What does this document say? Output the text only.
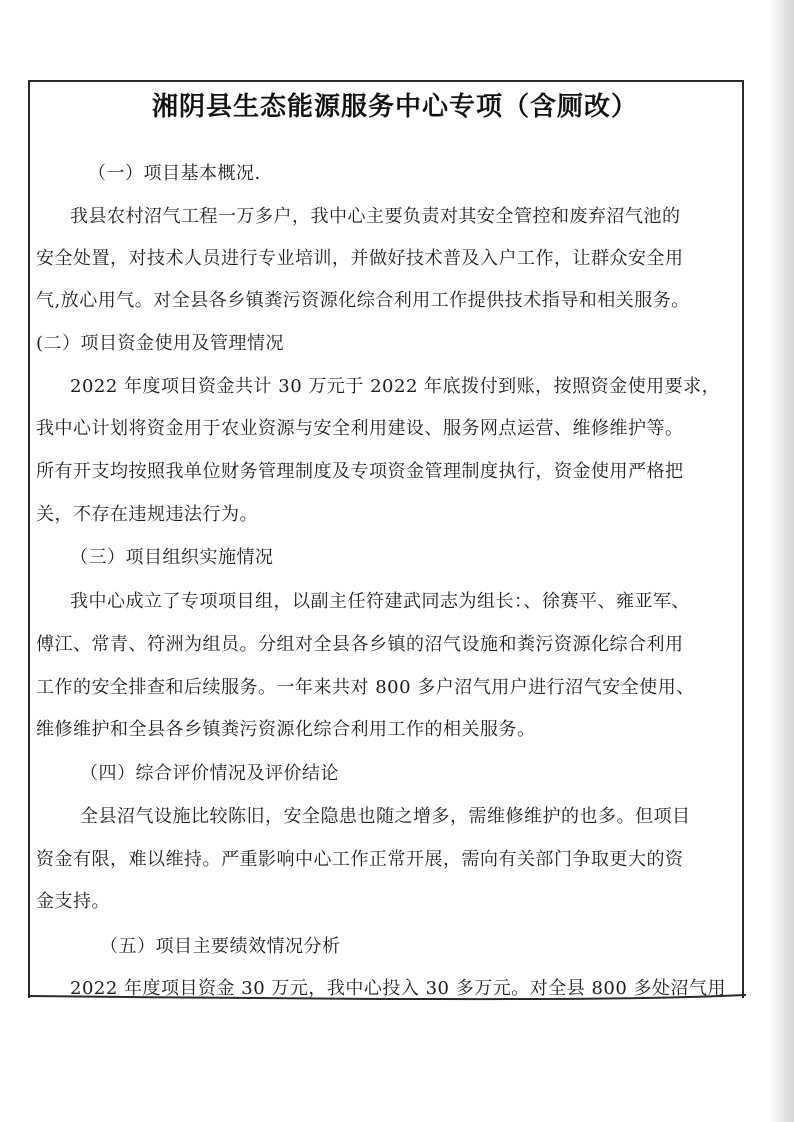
湘阴县生态能源服务中心专项（含厕改）
（一）项目基本概况.
我县农村沼气工程一万多户，我中心主要负责对其安全管控和废弃沼气池的
安全处置，对技术人员进行专业培训，并做好技术普及入户工作，让群众安全用
气,放心用气。对全县各乡镇粪污资源化综合利用工作提供技术指导和相关服务。
(二）项目资金使用及管理情况
2022 年度项目资金共计 30 万元于 2022 年底拨付到账，按照资金使用要求，
我中心计划将资金用于农业资源与安全利用建设、服务网点运营、维修维护等。
所有开支均按照我单位财务管理制度及专项资金管理制度执行，资金使用严格把
关，不存在违规违法行为。
（三）项目组织实施情况
我中心成立了专项项目组，以副主任符建武同志为组长：、徐赛平、雍亚军、
傅江、常青、符洲为组员。分组对全县各乡镇的沼气设施和粪污资源化综合利用
工作的安全排查和后续服务。一年来共对 800 多户沼气用户进行沼气安全使用、
维修维护和全县各乡镇粪污资源化综合利用工作的相关服务。
（四）综合评价情况及评价结论
全县沼气设施比较陈旧，安全隐患也随之增多，需维修维护的也多。但项目
资金有限，难以维持。严重影响中心工作正常开展，需向有关部门争取更大的资
金支持。
（五）项目主要绩效情况分析
2022 年度项目资金 30 万元，我中心投入 30 多万元。对全县 800 多处沼气用
